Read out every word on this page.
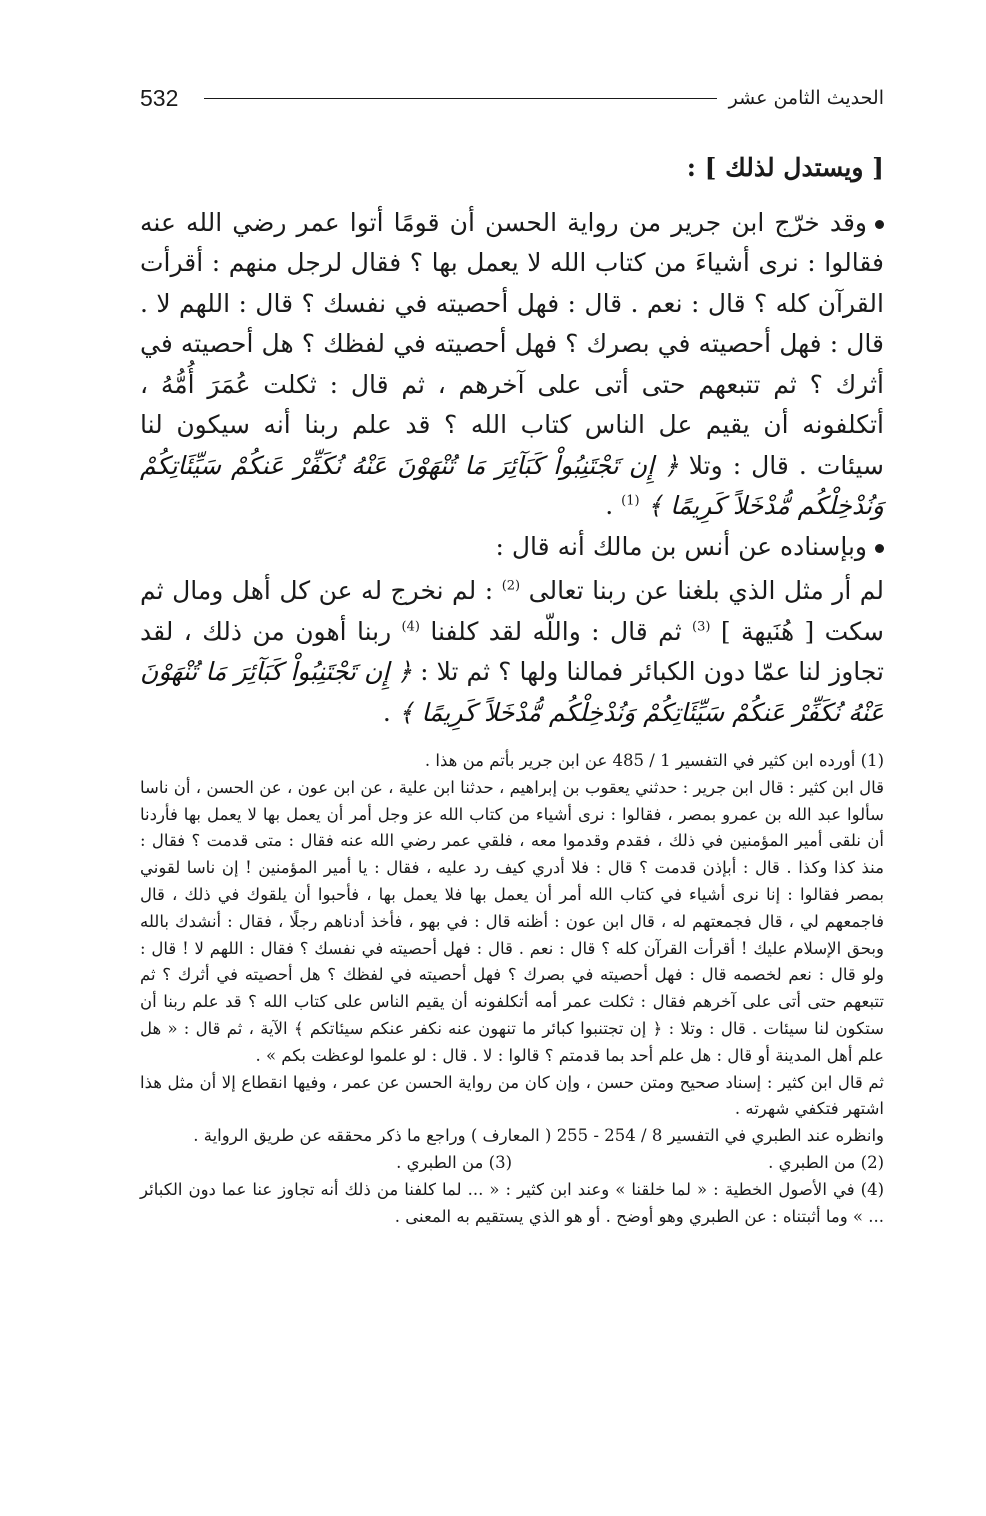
532	الحديث الثامن عشر

[ ويستدل لذلك ] :

وقد خرّج ابن جرير من رواية الحسن أن قومًا أتوا عمر رضي الله عنه فقالوا : نرى أشياءَ من كتاب الله لا يعمل بها ؟ فقال لرجل منهم : أقرأت القرآن كله ؟ قال : نعم . قال : فهل أحصيته في نفسك ؟ قال : اللهم لا . قال : فهل أحصيته في بصرك ؟ فهل أحصيته في لفظك ؟ هل أحصيته في أثرك ؟ ثم تتبعهم حتى أتى على آخرهم ، ثم قال : ثكلت عُمَرَ أُمُّهُ ، أتكلفونه أن يقيم عل الناس كتاب الله ؟ قد علم ربنا أنه سيكون لنا سيئات . قال : وتلا ﴿ إِن تَجْتَنِبُواْ كَبَآئِرَ مَا تُنْهَوْنَ عَنْهُ نُكَفِّرْ عَنكُمْ سَيِّئَاتِكُمْ وَنُدْخِلْكُم مُّدْخَلاً كَرِيمًا ﴾ $^{(1)}$ .

وبإسناده عن أنس بن مالك أنه قال :

لم أر مثل الذي بلغنا عن ربنا تعالى $^{(2)}$ : لم نخرج له عن كل أهل ومال ثم سكت [ هُنَيهة ] $^{(3)}$ ثم قال : واللّه لقد كلفنا $^{(4)}$ ربنا أهون من ذلك ، لقد تجاوز لنا عمّا دون الكبائر فمالنا ولها ؟ ثم تلا : ﴿ إِن تَجْتَنِبُواْ كَبَآئِرَ مَا تُنْهَوْنَ عَنْهُ نُكَفِّرْ عَنكُمْ سَيِّئَاتِكُمْ وَنُدْخِلْكُم مُّدْخَلاً كَرِيمًا ﴾ .

(1) أورده ابن كثير في التفسير 1 / 485 عن ابن جرير بأتم من هذا .

قال ابن كثير : قال ابن جرير : حدثني يعقوب بن إبراهيم ، حدثنا ابن علية ، عن ابن عون ، عن الحسن ، أن ناسا سألوا عبد الله بن عمرو بمصر ، فقالوا : نرى أشياء من كتاب الله عز وجل أمر أن يعمل بها لا يعمل بها فأردنا أن نلقى أمير المؤمنين في ذلك ، فقدم وقدموا معه ، فلقي عمر رضي الله عنه فقال : متى قدمت ؟ فقال : منذ كذا وكذا . قال : أبإذن قدمت ؟ قال : فلا أدري كيف رد عليه ، فقال : يا أمير المؤمنين ! إن ناسا لقوني بمصر فقالوا : إنا نرى أشياء في كتاب الله أمر أن يعمل بها فلا يعمل بها ، فأحبوا أن يلقوك في ذلك ، قال فاجمعهم لي ، قال فجمعتهم له ، قال ابن عون : أظنه قال : في بهو ، فأخذ أدناهم رجلًا ، فقال : أنشدك بالله وبحق الإسلام عليك ! أقرأت القرآن كله ؟ قال : نعم . قال : فهل أحصيته في نفسك ؟ فقال : اللهم لا ! قال : ولو قال : نعم لخصمه قال : فهل أحصيته في بصرك ؟ فهل أحصيته في لفظك ؟ هل أحصيته في أثرك ؟ ثم تتبعهم حتى أتى على آخرهم فقال : ثكلت عمر أمه أتكلفونه أن يقيم الناس على كتاب الله ؟ قد علم ربنا أن ستكون لنا سيئات . قال : وتلا : ﴿ إن تجتنبوا كبائر ما تنهون عنه نكفر عنكم سيئاتكم ﴾ الآية ، ثم قال : « هل علم أهل المدينة أو قال : هل علم أحد بما قدمتم ؟ قالوا : لا . قال : لو علموا لوعظت بكم » .

ثم قال ابن كثير : إسناد صحيح ومتن حسن ، وإن كان من رواية الحسن عن عمر ، وفيها انقطاع إلا أن مثل هذا اشتهر فتكفي شهرته .

وانظره عند الطبري في التفسير 8 / 254 - 255 ( المعارف ) وراجع ما ذكر محققه عن طريق الرواية .

(2) من الطبري .
(3) من الطبري .

(4) في الأصول الخطية : « لما خلقنا » وعند ابن كثير : « ... لما كلفنا من ذلك أنه تجاوز عنا عما دون الكبائر ... » وما أثبتناه : عن الطبري وهو أوضح . أو هو الذي يستقيم به المعنى .
